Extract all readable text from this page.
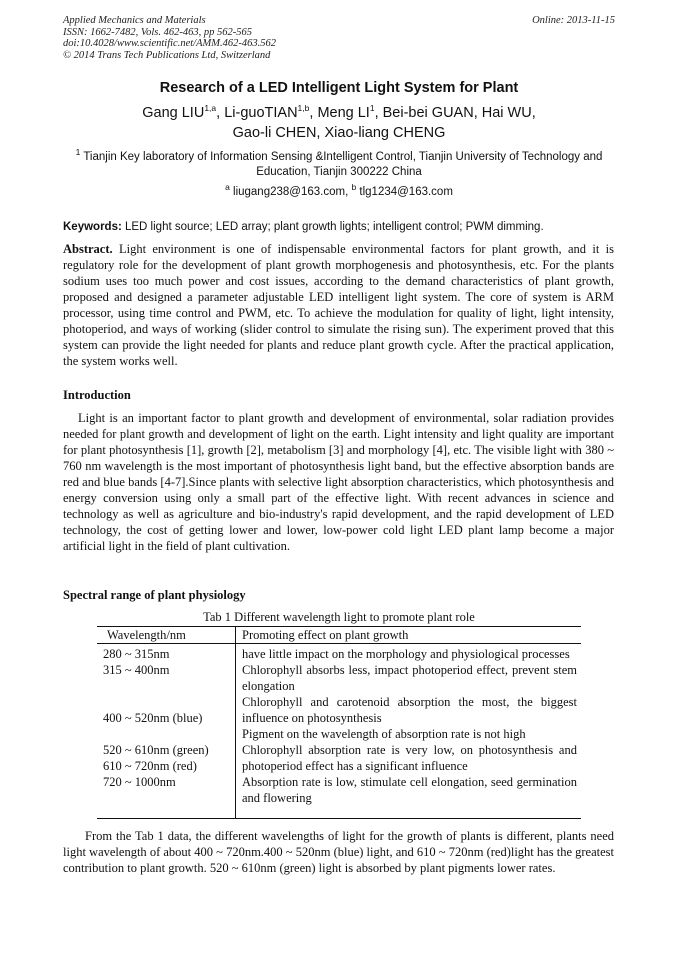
Applied Mechanics and Materials
ISSN: 1662-7482, Vols. 462-463, pp 562-565
doi:10.4028/www.scientific.net/AMM.462-463.562
© 2014 Trans Tech Publications Ltd, Switzerland
Online: 2013-11-15
Research of a LED Intelligent Light System for Plant
Gang LIU$^{1,a}$, Li-guoTIAN$^{1,b}$, Meng $LI^1$, Bei-bei GUAN, Hai WU,
Gao-li CHEN, Xiao-liang CHENG
$^1$ Tianjin Key laboratory of Information Sensing &Intelligent Control, Tianjin University of Technology and Education, Tianjin 300222 China
$^a$ liugang238@163.com, $^b$ tlg1234@163.com
Keywords: LED light source; LED array; plant growth lights; intelligent control; PWM dimming.
Abstract. Light environment is one of indispensable environmental factors for plant growth, and it is regulatory role for the development of plant growth morphogenesis and photosynthesis, etc. For the plants sodium uses too much power and cost issues, according to the demand characteristics of plant growth, proposed and designed a parameter adjustable LED intelligent light system. The core of system is ARM processor, using time control and PWM, etc. To achieve the modulation for quality of light, light intensity, photoperiod, and ways of working (slider control to simulate the rising sun). The experiment proved that this system can provide the light needed for plants and reduce plant growth cycle. After the practical application, the system works well.
Introduction
Light is an important factor to plant growth and development of environmental, solar radiation provides needed for plant growth and development of light on the earth. Light intensity and light quality are important for plant photosynthesis [1], growth [2], metabolism [3] and morphology [4], etc. The visible light with 380 ~ 760 nm wavelength is the most important of photosynthesis light band, but the effective absorption bands are red and blue bands [4-7].Since plants with selective light absorption characteristics, which photosynthesis and energy conversion using only a small part of the effective light. With recent advances in science and technology as well as agriculture and bio-industry's rapid development, and the rapid development of LED technology, the cost of getting lower and lower, low-power cold light LED plant lamp become a major artificial light in the field of plant cultivation.
Spectral range of plant physiology
Tab 1 Different wavelength light to promote plant role
Wavelength/nm	Promoting effect on plant growth
280 ~ 315nm
315 ~ 400nm
400 ~ 520nm (blue)
520 ~ 610nm (green)
610 ~ 720nm (red)
720 ~ 1000nm
have little impact on the morphology and physiological processes
Chlorophyll absorbs less, impact photoperiod effect, prevent stem elongation
Chlorophyll and carotenoid absorption the most, the biggest influence on photosynthesis
Pigment on the wavelength of absorption rate is not high
Chlorophyll absorption rate is very low, on photosynthesis and photoperiod effect has a significant influence
Absorption rate is low, stimulate cell elongation, seed germination and flowering
From the Tab 1 data, the different wavelengths of light for the growth of plants is different, plants need light wavelength of about 400 ~ 720nm.400 ~ 520nm (blue) light, and 610 ~ 720nm (red)light has the greatest contribution to plant growth. 520 ~ 610nm (green) light is absorbed by plant pigments lower rates.
